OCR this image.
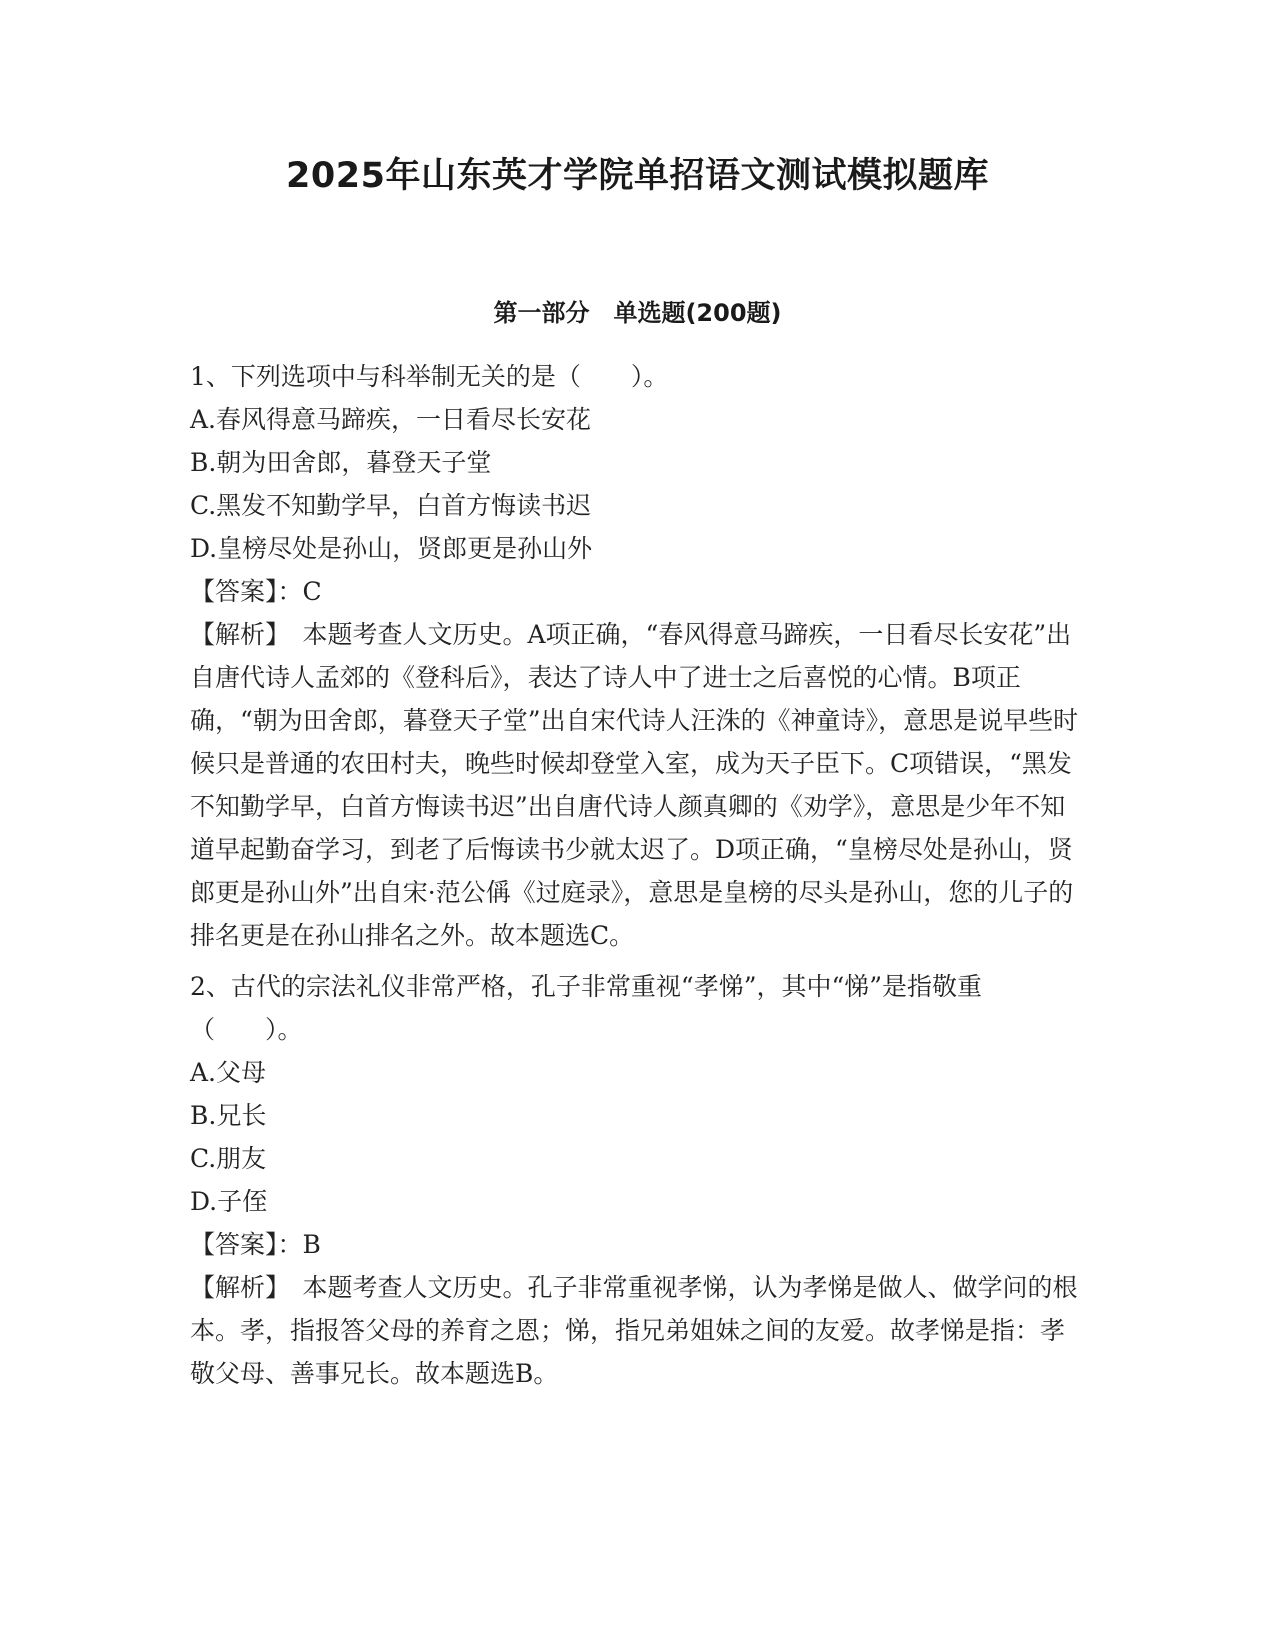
2025年山东英才学院单招语文测试模拟题库
第一部分　单选题(200题)

1、下列选项中与科举制无关的是（　　）。

A.春风得意马蹄疾，一日看尽长安花

B.朝为田舍郎，暮登天子堂

C.黑发不知勤学早，白首方悔读书迟

D.皇榜尽处是孙山，贤郎更是孙山外

【答案】：C

【解析】　本题考查人文历史。A项正确，“春风得意马蹄疾，一日看尽长安花”出自唐代诗人孟郊的《登科后》，表达了诗人中了进士之后喜悦的心情。B项正确，“朝为田舍郎，暮登天子堂”出自宋代诗人汪洙的《神童诗》，意思是说早些时候只是普通的农田村夫，晚些时候却登堂入室，成为天子臣下。C项错误，“黑发不知勤学早，白首方悔读书迟”出自唐代诗人颜真卿的《劝学》，意思是少年不知道早起勤奋学习，到老了后悔读书少就太迟了。D项正确，“皇榜尽处是孙山，贤郎更是孙山外”出自宋·范公偁《过庭录》，意思是皇榜的尽头是孙山，您的儿子的排名更是在孙山排名之外。故本题选C。

2、古代的宗法礼仪非常严格，孔子非常重视“孝悌”，其中“悌”是指敬重（　　）。

A.父母

B.兄长

C.朋友

D.子侄

【答案】：B

【解析】　本题考查人文历史。孔子非常重视孝悌，认为孝悌是做人、做学问的根本。孝，指报答父母的养育之恩；悌，指兄弟姐妹之间的友爱。故孝悌是指：孝敬父母、善事兄长。故本题选B。
